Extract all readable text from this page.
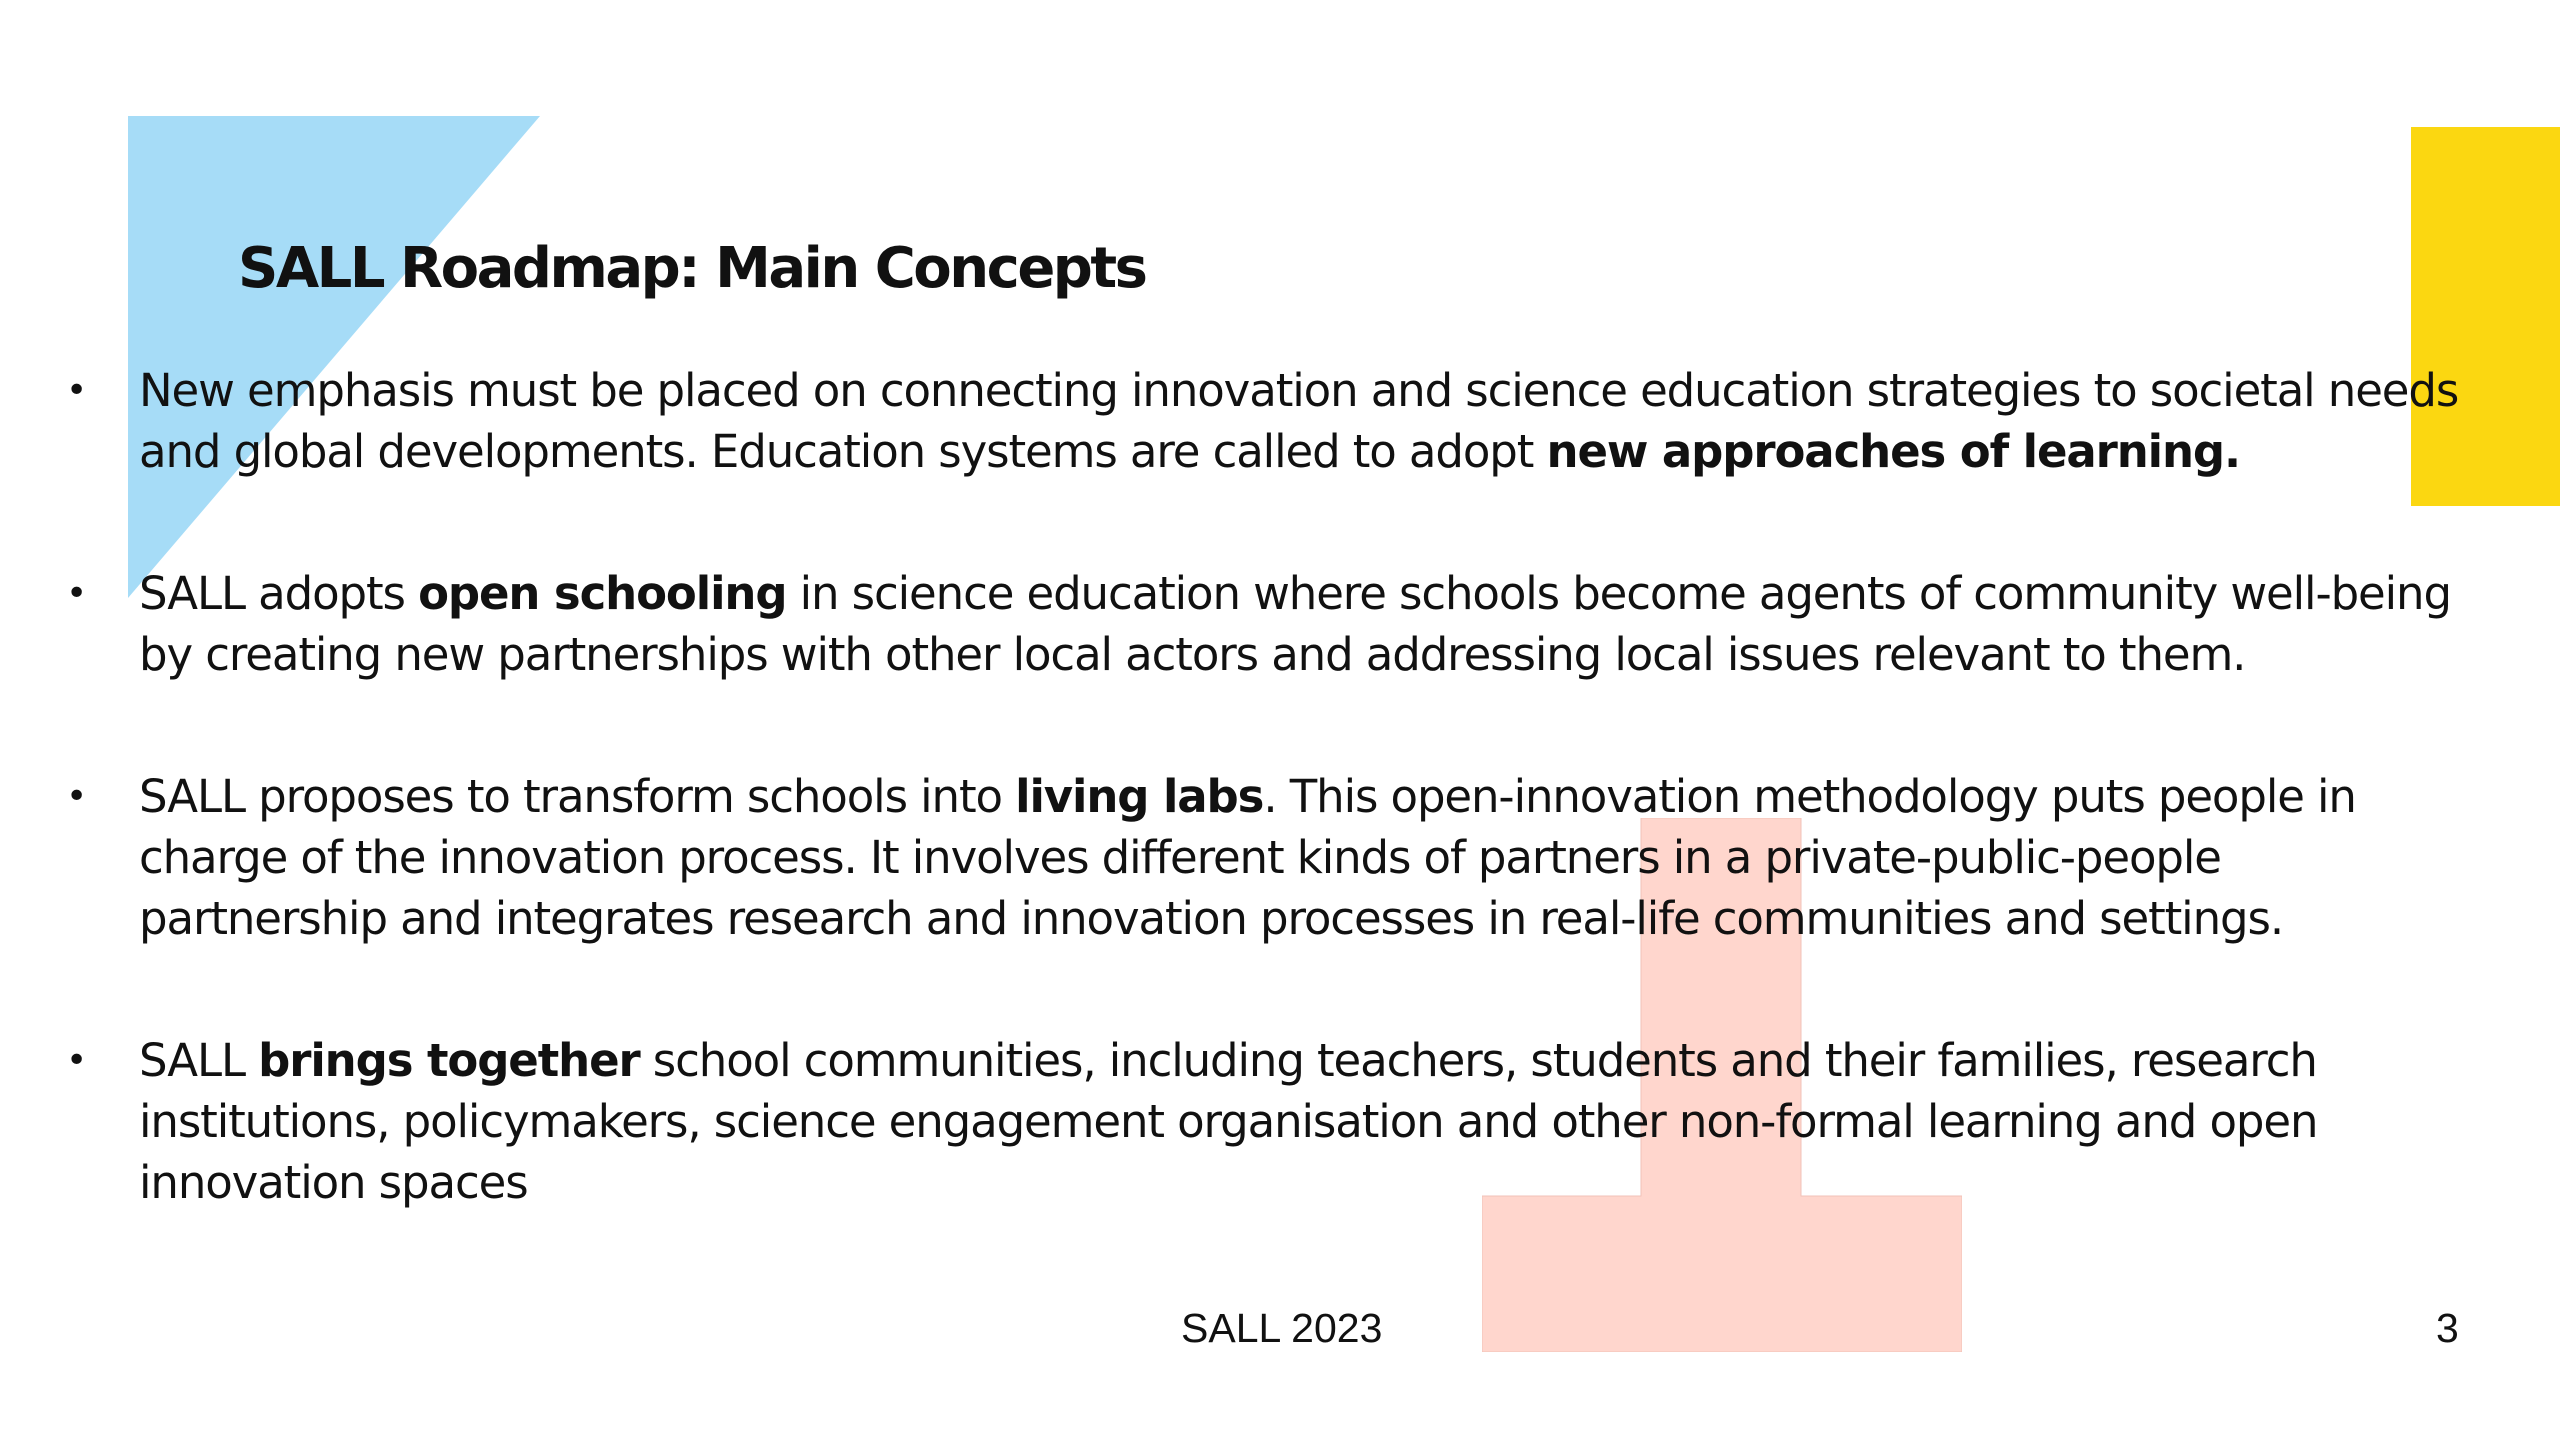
SALL Roadmap: Main Concepts
• New emphasis must be placed on connecting innovation and science education strategies to societal needs and global developments. Education systems are called to adopt new approaches of learning.
• SALL adopts open schooling in science education where schools become agents of community well-being by creating new partnerships with other local actors and addressing local issues relevant to them.
• SALL proposes to transform schools into living labs. This open-innovation methodology puts people in charge of the innovation process. It involves different kinds of partners in a private-public-people partnership and integrates research and innovation processes in real-life communities and settings.
• SALL brings together school communities, including teachers, students and their families, research institutions, policymakers, science engagement organisation and other non-formal learning and open innovation spaces
SALL 2023	3
